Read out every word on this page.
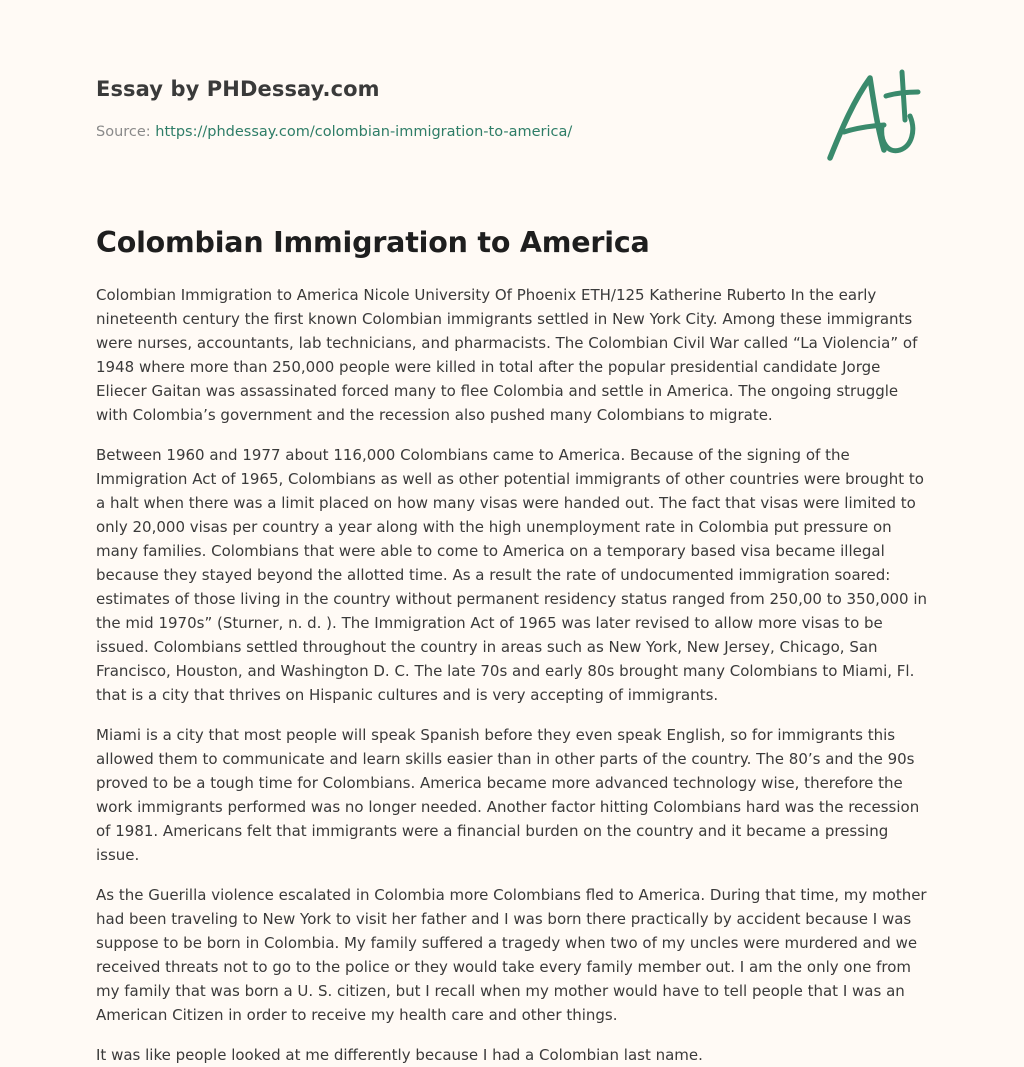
Essay by PHDessay.com
Source: https://phdessay.com/colombian-immigration-to-america/
Colombian Immigration to America

Colombian Immigration to America Nicole University Of Phoenix ETH/125 Katherine Ruberto In the early nineteenth century the first known Colombian immigrants settled in New York City. Among these immigrants were nurses, accountants, lab technicians, and pharmacists. The Colombian Civil War called “La Violencia” of 1948 where more than 250,000 people were killed in total after the popular presidential candidate Jorge Eliecer Gaitan was assassinated forced many to flee Colombia and settle in America. The ongoing struggle with Colombia’s government and the recession also pushed many Colombians to migrate.

Between 1960 and 1977 about 116,000 Colombians came to America. Because of the signing of the Immigration Act of 1965, Colombians as well as other potential immigrants of other countries were brought to a halt when there was a limit placed on how many visas were handed out. The fact that visas were limited to only 20,000 visas per country a year along with the high unemployment rate in Colombia put pressure on many families. Colombians that were able to come to America on a temporary based visa became illegal because they stayed beyond the allotted time. As a result the rate of undocumented immigration soared: estimates of those living in the country without permanent residency status ranged from 250,00 to 350,000 in the mid 1970s” (Sturner, n. d. ). The Immigration Act of 1965 was later revised to allow more visas to be issued. Colombians settled throughout the country in areas such as New York, New Jersey, Chicago, San Francisco, Houston, and Washington D. C. The late 70s and early 80s brought many Colombians to Miami, Fl. that is a city that thrives on Hispanic cultures and is very accepting of immigrants.

Miami is a city that most people will speak Spanish before they even speak English, so for immigrants this allowed them to communicate and learn skills easier than in other parts of the country. The 80’s and the 90s proved to be a tough time for Colombians. America became more advanced technology wise, therefore the work immigrants performed was no longer needed. Another factor hitting Colombians hard was the recession of 1981. Americans felt that immigrants were a financial burden on the country and it became a pressing issue.

As the Guerilla violence escalated in Colombia more Colombians fled to America. During that time, my mother had been traveling to New York to visit her father and I was born there practically by accident because I was suppose to be born in Colombia. My family suffered a tragedy when two of my uncles were murdered and we received threats not to go to the police or they would take every family member out. I am the only one from my family that was born a U. S. citizen, but I recall when my mother would have to tell people that I was an American Citizen in order to receive my health care and other things.

It was like people looked at me differently because I had a Colombian last name.
